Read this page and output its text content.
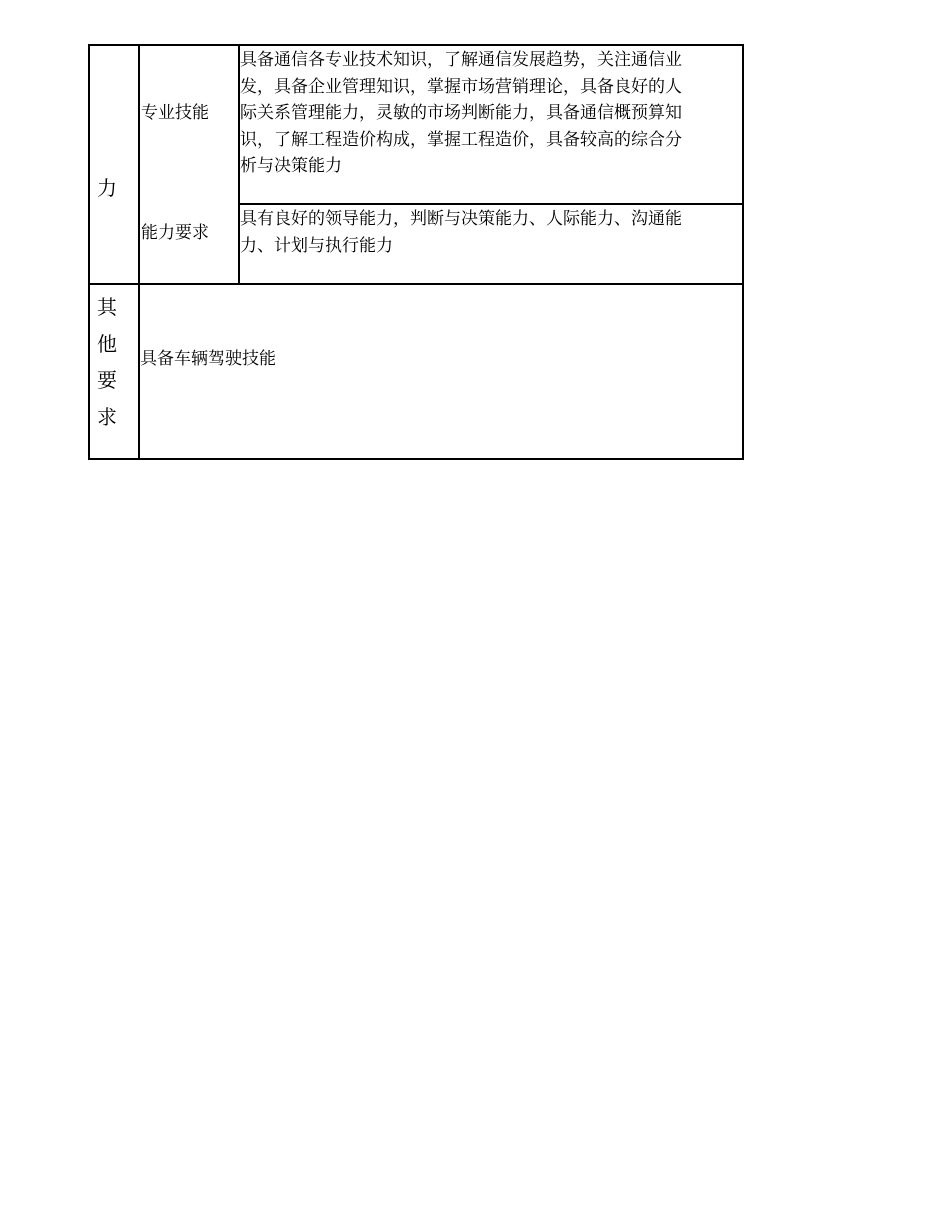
力
专业技能
具备通信各专业技术知识，了解通信发展趋势，关注通信业
发，具备企业管理知识，掌握市场营销理论，具备良好的人
际关系管理能力，灵敏的市场判断能力，具备通信概预算知
识，了解工程造价构成，掌握工程造价，具备较高的综合分
析与决策能力
能力要求
具有良好的领导能力，判断与决策能力、人际能力、沟通能
力、计划与执行能力
其他要求
具备车辆驾驶技能
